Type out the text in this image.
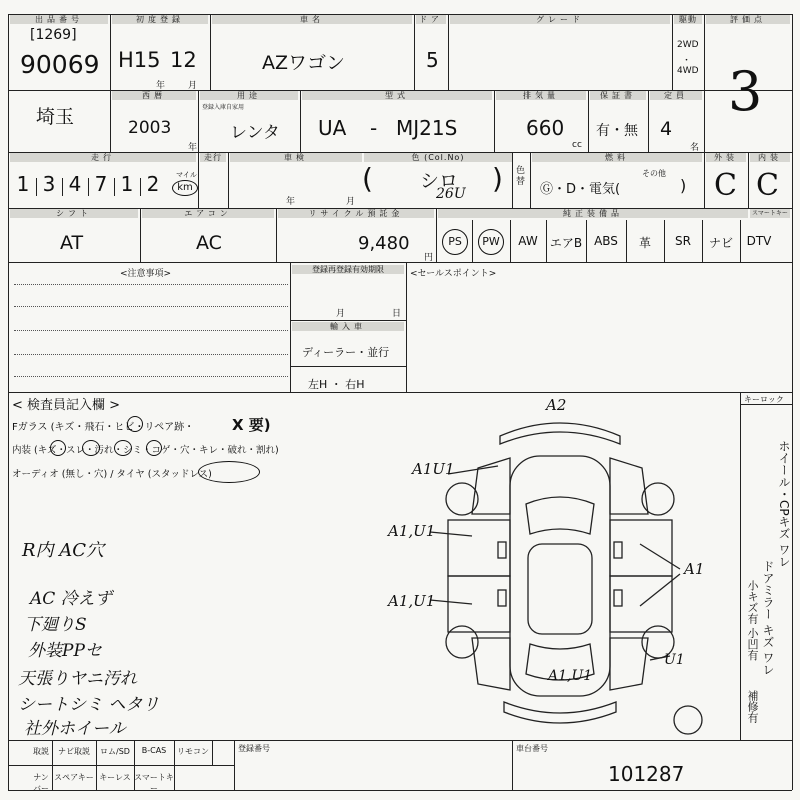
出品番号
[1269]
90069
初度登録
H15 12
年	月
車名
AZワゴン
ドア
5
グレード	駆動
2WD
・
4WD
評価点
3
埼玉
西暦
2003
年
用途
登録入庫自家用
レンタ
型式
UA - MJ21S
排気量
660
cc
保証書
有・無
定員
4
名
走行
1 3 4 7 1 2	マイル
km
走行	車検
年	月
色 (Col.No)
( シロ
26U ) 色替
燃料
Ⓖ・D・電気(
その他
)
外装
C
内装
C
シフト
AT
エアコン
AC
リサイクル預託金
9,480
円
純正装備品	スマートキー
PS	PW	AW	エアB ABS	革	SR	ナビ	DTV
<注意事項>	登録再登録有効期限
月	日
輸入車
ディーラー・並行
左H ・ 右H
<セールスポイント>
< 検査員記入欄 >
Fガラス (キズ・飛石・ヒビ・リペア跡・	X 要)
内装 (キズ・スレ・汚れ・シミ・コゲ・穴・キレ・破れ・割れ)
オーディオ (無し・穴) / タイヤ (スタッドレス)
R内 AC穴
AC 冷えず
下廻りS
外装PPセ
天張りヤニ汚れ
シートシミ ヘタリ
社外ホイール
A2
A1U1
A1,U1
A1,U1
A1
U1
A1,U1
キーロック
ホイール・CPキズ ワレ
ドアミラー キズ ワレ
小キズ有 小凹有
補修有
取説	ナビ取説	ロム/SD	B-CAS	リモコン
ナンバー
スペアキー キーレス スマートキー
登録番号	車台番号
101287
